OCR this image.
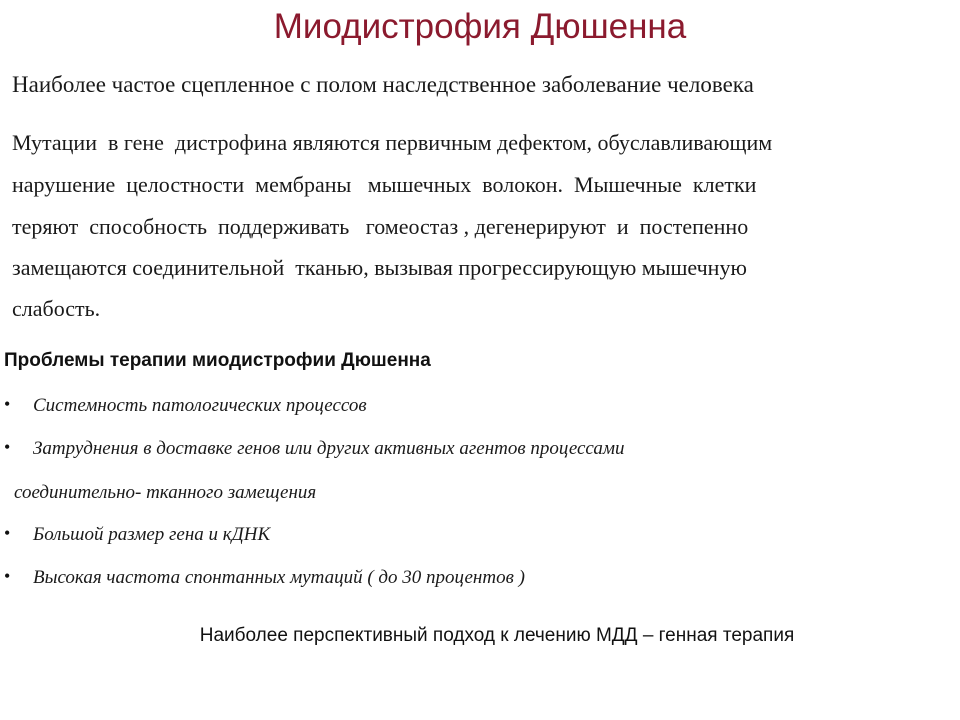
Миодистрофия Дюшенна
Наиболее частое сцепленное с полом наследственное заболевание человека
Мутации  в гене  дистрофина являются первичным дефектом, обуславливающим
нарушение  целостности  мембраны   мышечных  волокон.  Мышечные  клетки
теряют  способность  поддерживать   гомеостаз , дегенерируют  и  постепенно
замещаются соединительной  тканью, вызывая прогрессирующую мышечную
слабость.
Проблемы терапии миодистрофии Дюшенна
• Системность патологических процессов
• Затруднения в доставке генов или других активных агентов процессами
соединительно- тканного замещения
• Большой размер гена и кДНК
• Высокая частота спонтанных мутаций ( до 30 процентов )
Наиболее перспективный подход к лечению МДД – генная терапия
